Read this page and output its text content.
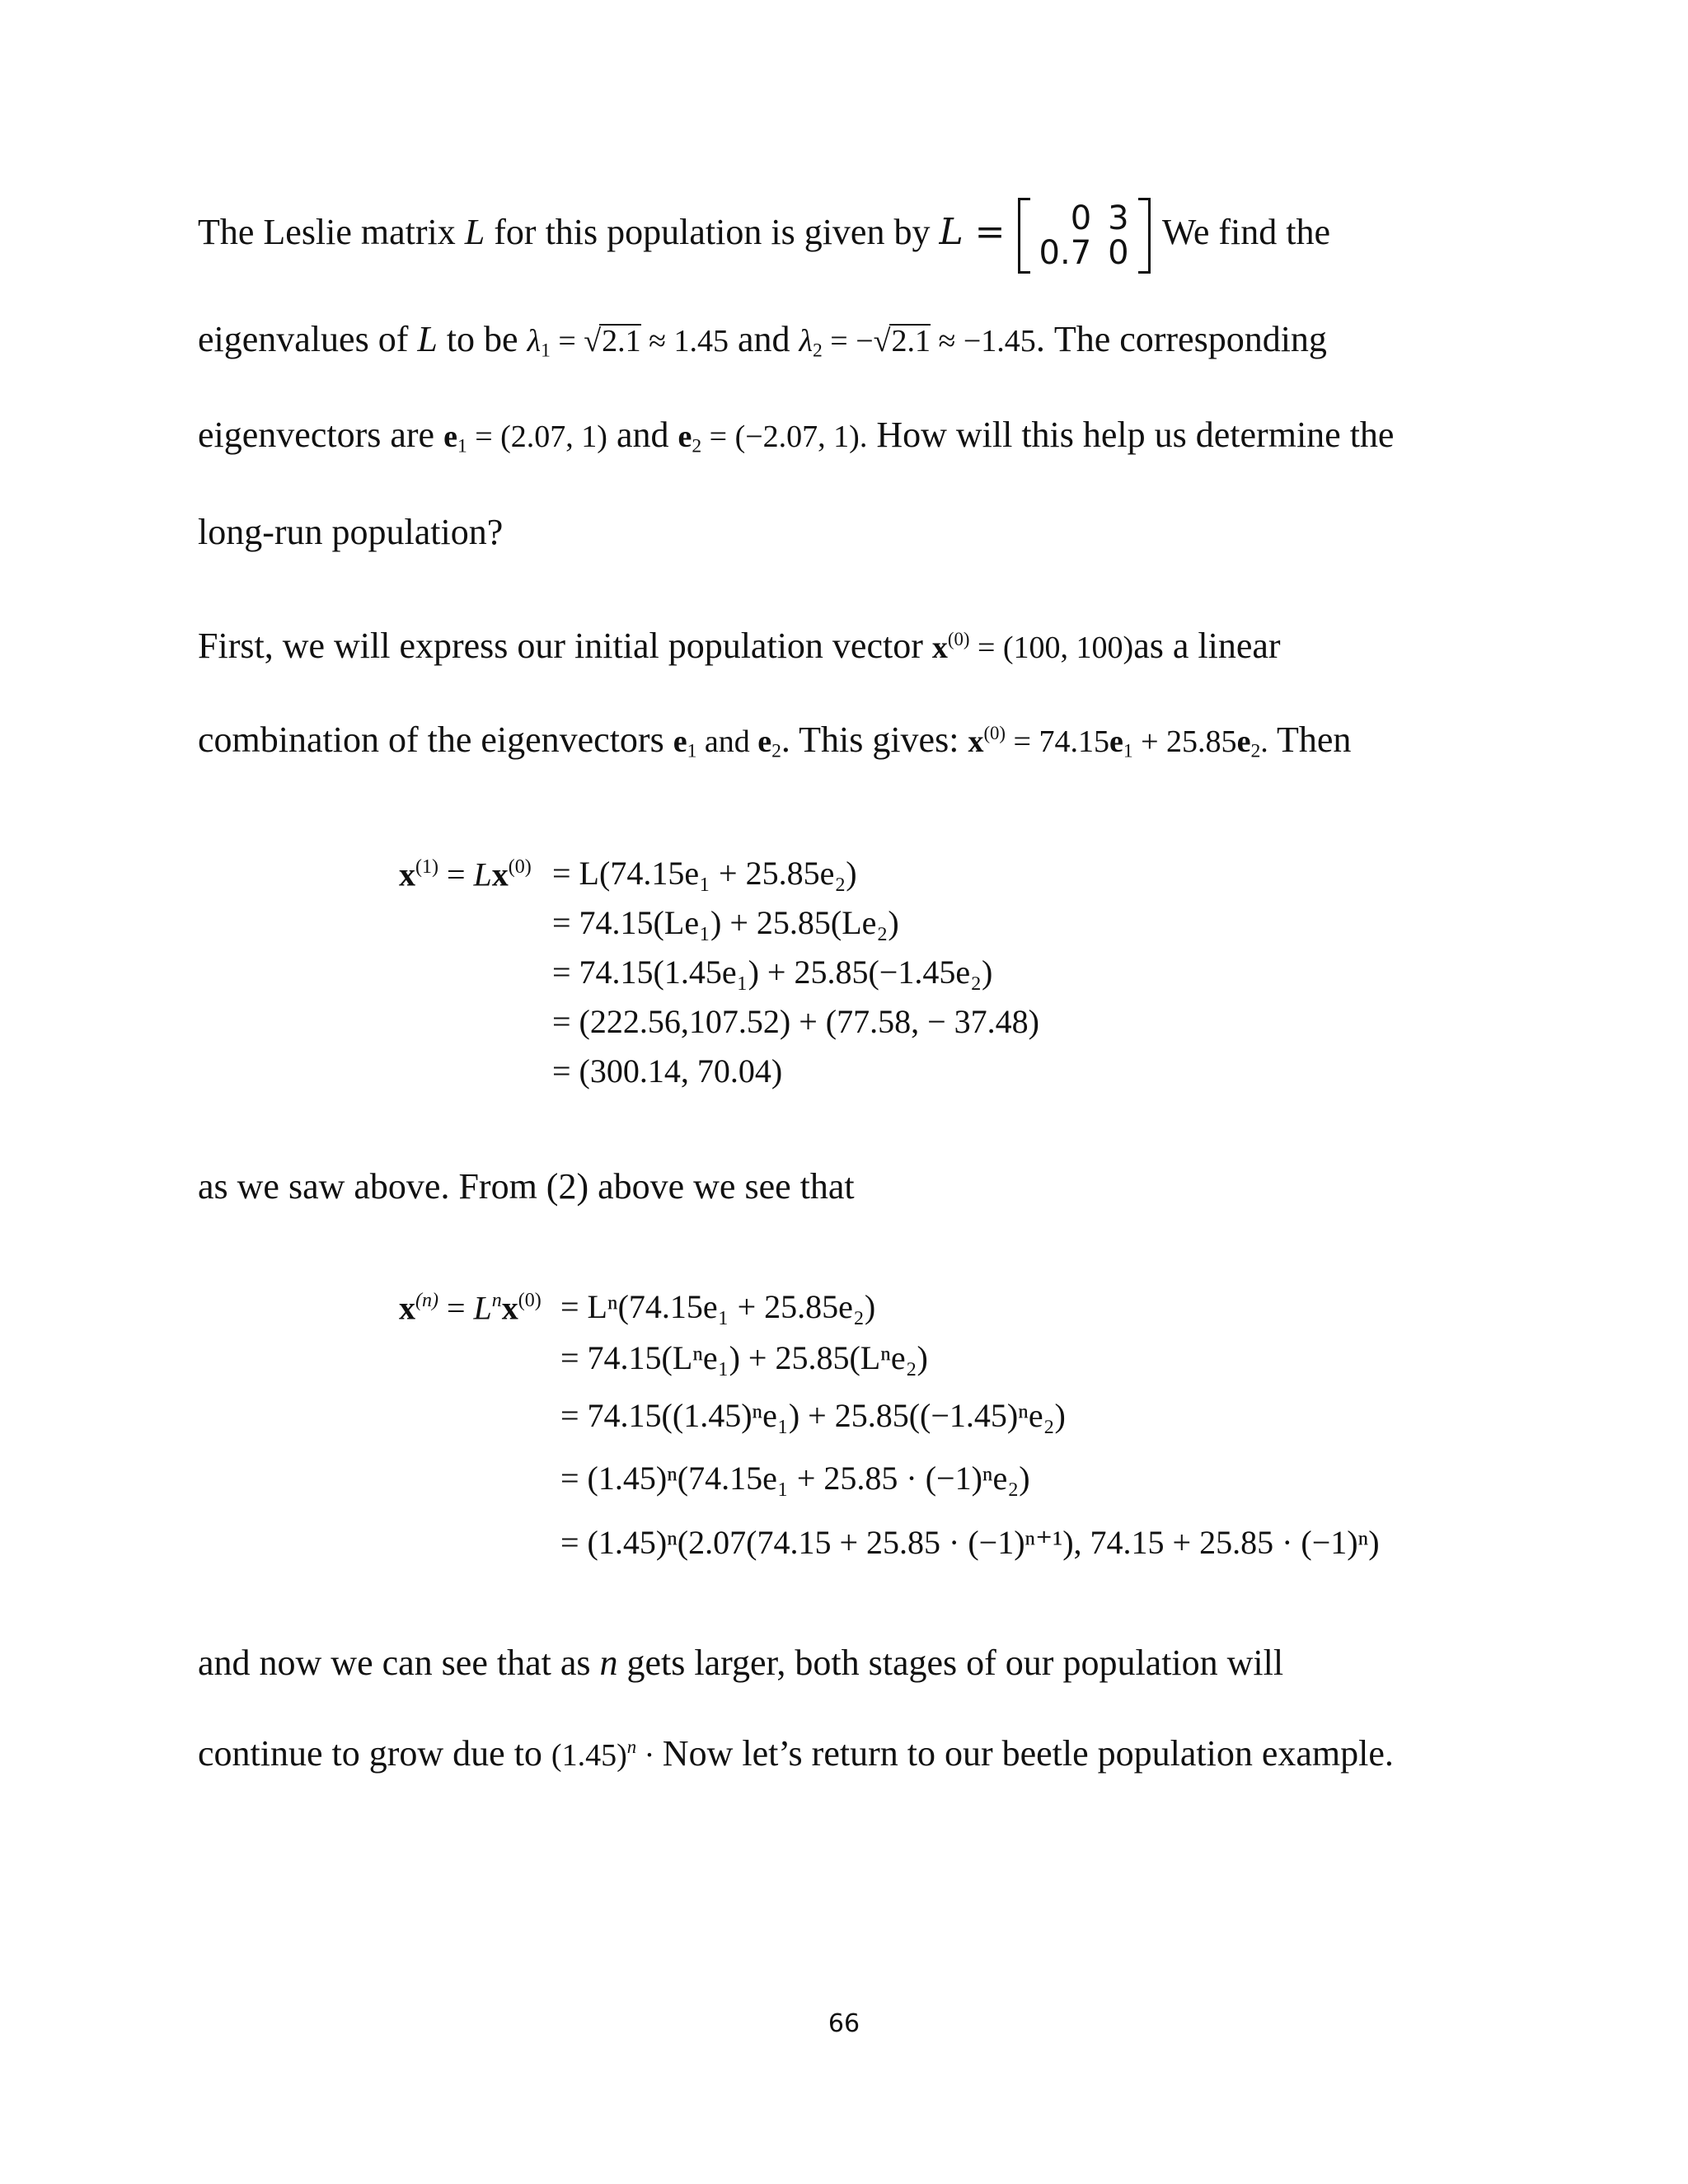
The Leslie matrix L for this population is given by L = 0	3
0.7	0
We find the
eigenvalues of L to be $\lambda_1 = √2.1 \approx 1.45$ and $\lambda_2 = -√2.1 \approx -1.45$. The corresponding
eigenvectors are $e_1 = (2.07$, 1) and $e_2 = (-2.07$, 1). How will this help us determine the
long-run population?
First, we will express our initial population vector $x^{(0)} = (100$, 100)as a linear
combination of the eigenvectors $e_1$ and $e_2$. This gives: $x^{(0)} = 74.15e_1 + 25.85e_2$. Then
$x^{(1)} = Lx^{(0)} = L(74.15e_1 + 25.85e_2)$
= 74.15(Le₁) + 25.85(Le₂)
= 74.15(1.45e₁) + 25.85(−1.45e₂)
= (222.56,107.52) + (77.58, − 37.48)
= (300.14, 70.04)
as we saw above. From (2) above we see that
$x^{(n)} = L^nx^{(0)} = L^n(74.15e_1 + 25.85e_2)$
= 74.15(Lⁿe₁) + 25.85(Lⁿe₂)
= 74.15((1.45)ⁿe₁) + 25.85((−1.45)ⁿe₂)
= (1.45)ⁿ(74.15e₁ + 25.85 · (−1)ⁿe₂)
= (1.45)ⁿ(2.07(74.15 + 25.85 · (−1)ⁿ⁺¹), 74.15 + 25.85 · (−1)ⁿ)
and now we can see that as n gets larger, both stages of our population will
continue to grow due to $(1.45)^n$ · Now let’s return to our beetle population example.
66
